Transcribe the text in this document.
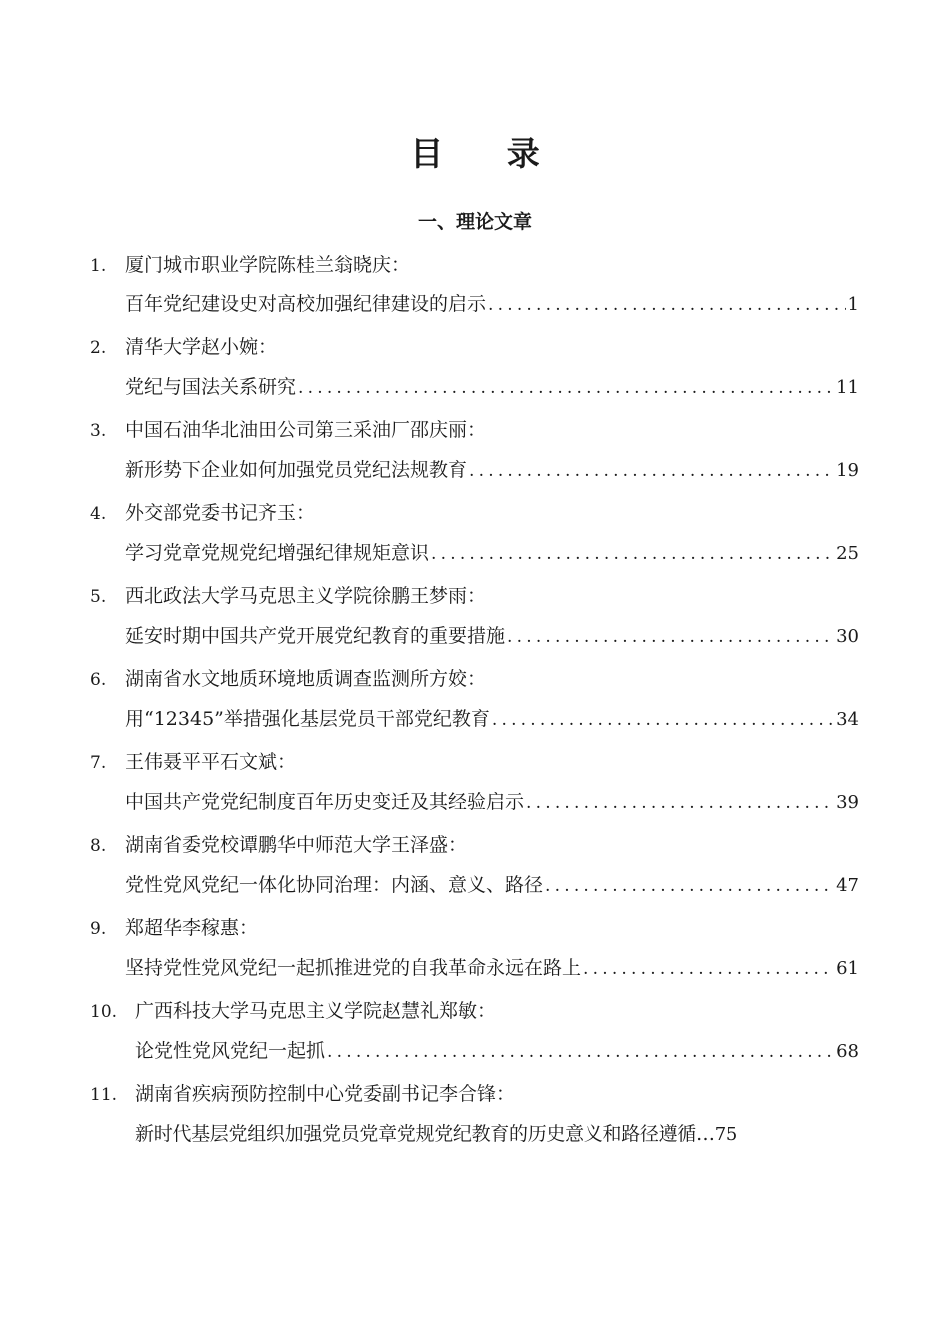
目 录
一、理论文章
1. 厦门城市职业学院陈桂兰翁晓庆：
百年党纪建设史对高校加强纪律建设的启示 .....	1
2. 清华大学赵小婉：
党纪与国法关系研究 .....	11
3. 中国石油华北油田公司第三采油厂邵庆丽：
新形势下企业如何加强党员党纪法规教育 .....	19
4. 外交部党委书记齐玉：
学习党章党规党纪增强纪律规矩意识 .....	25
5. 西北政法大学马克思主义学院徐鹏王梦雨：
延安时期中国共产党开展党纪教育的重要措施 .....	30
6. 湖南省水文地质环境地质调查监测所方姣：
用“12345”举措强化基层党员干部党纪教育 .....	34
7. 王伟聂平平石文斌：
中国共产党党纪制度百年历史变迁及其经验启示 .....	39
8. 湖南省委党校谭鹏华中师范大学王泽盛：
党性党风党纪一体化协同治理：内涵、意义、路径 .....	47
9. 郑超华李稼惠：
坚持党性党风党纪一起抓推进党的自我革命永远在路上 .....	61
10. 广西科技大学马克思主义学院赵慧礼郑敏：
论党性党风党纪一起抓 .....	68
11. 湖南省疾病预防控制中心党委副书记李合锋：
新时代基层党组织加强党员党章党规党纪教育的历史意义和路径遵循 … 75
